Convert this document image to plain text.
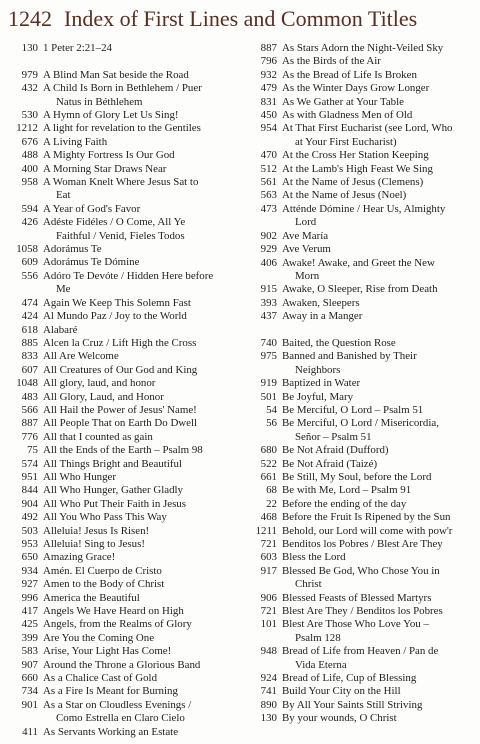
1242 Index of First Lines and Common Titles
130 1 Peter 2:21–24
979 A Blind Man Sat beside the Road
432 A Child Is Born in Bethlehem / Puer
Natus in Béthlehem
530 A Hymn of Glory Let Us Sing!
1212 A light for revelation to the Gentiles
676 A Living Faith
488 A Mighty Fortress Is Our God
400 A Morning Star Draws Near
958 A Woman Knelt Where Jesus Sat to
Eat
594 A Year of God's Favor
426 Adéste Fidéles / O Come, All Ye
Faithful / Venid, Fieles Todos
1058 Adorámus Te
609 Adorámus Te Dómine
556 Adóro Te Devóte / Hidden Here before
Me
474 Again We Keep This Solemn Fast
424 Al Mundo Paz / Joy to the World
618 Alabaré
885 Alcen la Cruz / Lift High the Cross
833 All Are Welcome
607 All Creatures of Our God and King
1048 All glory, laud, and honor
483 All Glory, Laud, and Honor
566 All Hail the Power of Jesus' Name!
887 All People That on Earth Do Dwell
776 All that I counted as gain
75 All the Ends of the Earth – Psalm 98
574 All Things Bright and Beautiful
951 All Who Hunger
844 All Who Hunger, Gather Gladly
904 All Who Put Their Faith in Jesus
492 All You Who Pass This Way
503 Alleluia! Jesus Is Risen!
953 Alleluia! Sing to Jesus!
650 Amazing Grace!
934 Amén. El Cuerpo de Cristo
927 Amen to the Body of Christ
996 America the Beautiful
417 Angels We Have Heard on High
425 Angels, from the Realms of Glory
399 Are You the Coming One
583 Arise, Your Light Has Come!
907 Around the Throne a Glorious Band
660 As a Chalice Cast of Gold
734 As a Fire Is Meant for Burning
901 As a Star on Cloudless Evenings /
Como Estrella en Claro Cielo
411 As Servants Working an Estate
887 As Stars Adorn the Night-Veiled Sky
796 As the Birds of the Air
932 As the Bread of Life Is Broken
479 As the Winter Days Grow Longer
831 As We Gather at Your Table
450 As with Gladness Men of Old
954 At That First Eucharist (see Lord, Who
at Your First Eucharist)
470 At the Cross Her Station Keeping
512 At the Lamb's High Feast We Sing
561 At the Name of Jesus (Clemens)
563 At the Name of Jesus (Noel)
473 Atténde Dómine / Hear Us, Almighty
Lord
902 Ave María
929 Ave Verum
406 Awake! Awake, and Greet the New
Morn
915 Awake, O Sleeper, Rise from Death
393 Awaken, Sleepers
437 Away in a Manger
740 Baited, the Question Rose
975 Banned and Banished by Their
Neighbors
919 Baptized in Water
501 Be Joyful, Mary
54 Be Merciful, O Lord – Psalm 51
56 Be Merciful, O Lord / Misericordia,
Señor – Psalm 51
680 Be Not Afraid (Dufford)
522 Be Not Afraid (Taizé)
661 Be Still, My Soul, before the Lord
68 Be with Me, Lord – Psalm 91
22 Before the ending of the day
468 Before the Fruit Is Ripened by the Sun
1211 Behold, our Lord will come with pow'r
721 Benditos los Pobres / Blest Are They
603 Bless the Lord
917 Blessed Be God, Who Chose You in
Christ
906 Blessed Feasts of Blessed Martyrs
721 Blest Are They / Benditos los Pobres
101 Blest Are Those Who Love You –
Psalm 128
948 Bread of Life from Heaven / Pan de
Vida Eterna
924 Bread of Life, Cup of Blessing
741 Build Your City on the Hill
890 By All Your Saints Still Striving
130 By your wounds, O Christ
